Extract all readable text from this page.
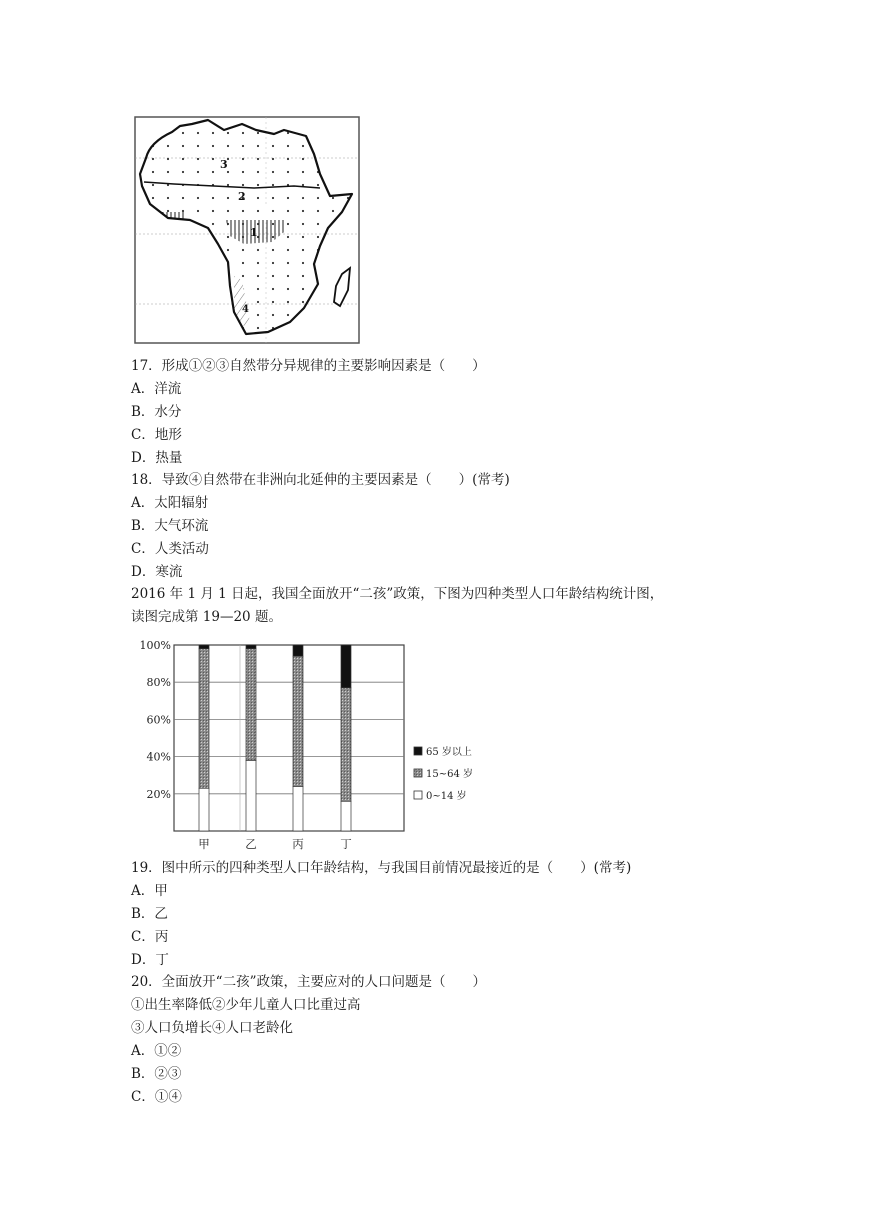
3
2
1
4
17．形成①②③自然带分异规律的主要影响因素是（　　）
A．洋流
B．水分
C．地形
D．热量
18．导致④自然带在非洲向北延伸的主要因素是（　　）(常考)
A．太阳辐射
B．大气环流
C．人类活动
D．寒流
2016 年 1 月 1 日起，我国全面放开“二孩”政策，下图为四种类型人口年龄结构统计图，
读图完成第 19—20 题。
100%
80%
60%
40%
20%
甲	乙	丙	丁
65 岁以上
15~64 岁
0~14 岁
19．图中所示的四种类型人口年龄结构，与我国目前情况最接近的是（　　）(常考)
A．甲
B．乙
C．丙
D．丁
20．全面放开“二孩”政策，主要应对的人口问题是（　　）
①出生率降低②少年儿童人口比重过高
③人口负增长④人口老龄化
A．①②
B．②③
C．①④
